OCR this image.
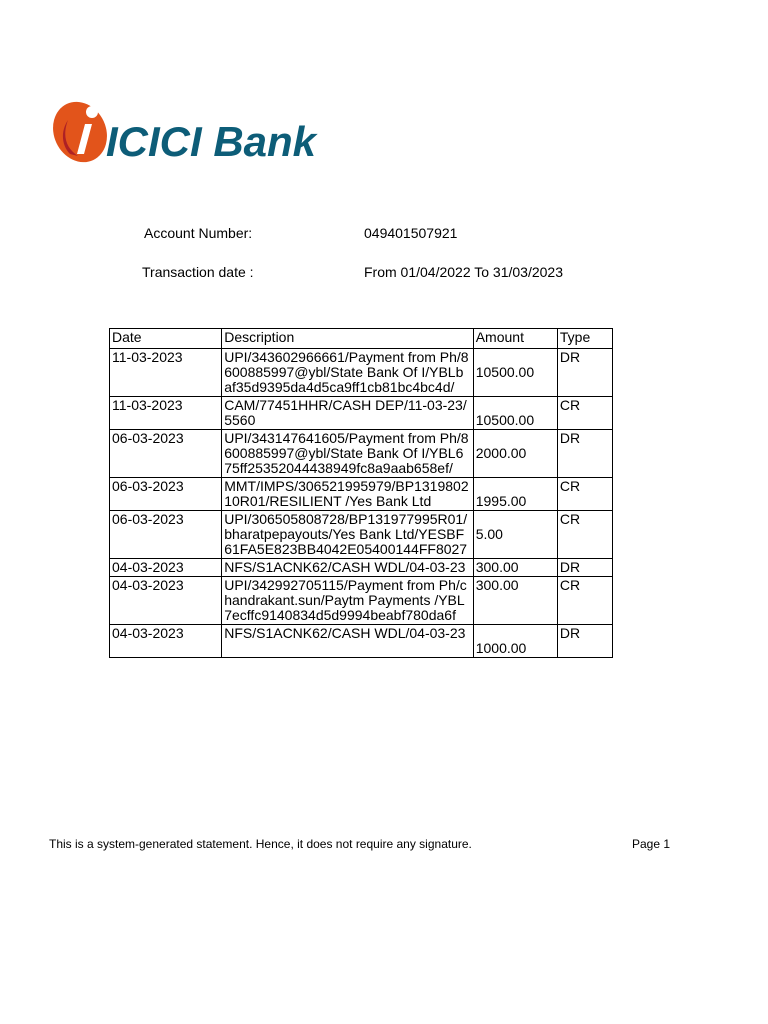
ICICI Bank
Account Number:	049401507921
Transaction date :	From 01/04/2022 To 31/03/2023
Date	Description	Amount	Type
11-03-2023	UPI/343602966661/Payment from Ph/8600885997@ybl/State Bank Of I/YBLbaf35d9395da4d5ca9ff1cb81bc4bc4d/	10500.00	DR
11-03-2023	CAM/77451HHR/CASH DEP/11-03-23/5560	10500.00	CR
06-03-2023	UPI/343147641605/Payment from Ph/8600885997@ybl/State Bank Of I/YBL675ff25352044438949fc8a9aab658ef/	2000.00	DR
06-03-2023	MMT/IMPS/306521995979/BP131980210R01/RESILIENT /Yes Bank Ltd	1995.00	CR
06-03-2023	UPI/306505808728/BP131977995R01/bharatpepayouts/Yes Bank Ltd/YESBF61FA5E823BB4042E05400144FF8027	5.00	CR
04-03-2023	NFS/S1ACNK62/CASH WDL/04-03-23	300.00	DR
04-03-2023	UPI/342992705115/Payment from Ph/chandrakant.sun/Paytm Payments /YBL7ecffc9140834d5d9994beabf780da6f	300.00	CR
04-03-2023	NFS/S1ACNK62/CASH WDL/04-03-23	1000.00	DR
This is a system-generated statement. Hence, it does not require any signature.	Page 1
